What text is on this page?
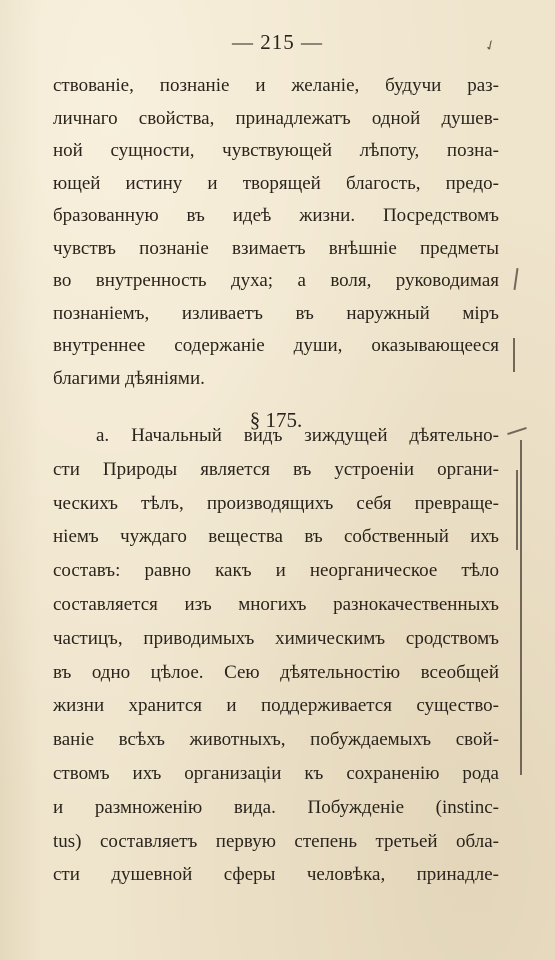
— 215 —	✓
ствованіе, познаніе и желаніе, будучи раз-
личнаго свойства, принадлежатъ одной душев-
ной сущности, чувствующей лѣпоту, позна-
ющей истину и творящей благость, предо-
бразованную въ идеѣ жизни. Посредствомъ
чувствъ познаніе взимаетъ внѣшніе предметы
во внутренность духа; а воля, руководимая
познаніемъ, изливаетъ въ наружный міръ
внутреннее содержаніе души, оказывающееся
благими дѣяніями.
§ 175.
а. Начальный видъ зиждущей дѣятельно-
сти Природы является въ устроеніи органи-
ческихъ тѣлъ, производящихъ себя превраще-
ніемъ чуждаго вещества въ собственный ихъ
составъ: равно какъ и неорганическое тѣло
составляется изъ многихъ разнокачественныхъ
частицъ, приводимыхъ химическимъ сродствомъ
въ одно цѣлое. Сею дѣятельностію всеобщей
жизни хранится и поддерживается существо-
ваніе всѣхъ животныхъ, побуждаемыхъ свой-
ствомъ ихъ организаціи къ сохраненію рода
и размноженію вида. Побужденіе (instinc-
tus) составляетъ первую степень третьей обла-
сти душевной сферы человѣка, принадле-
